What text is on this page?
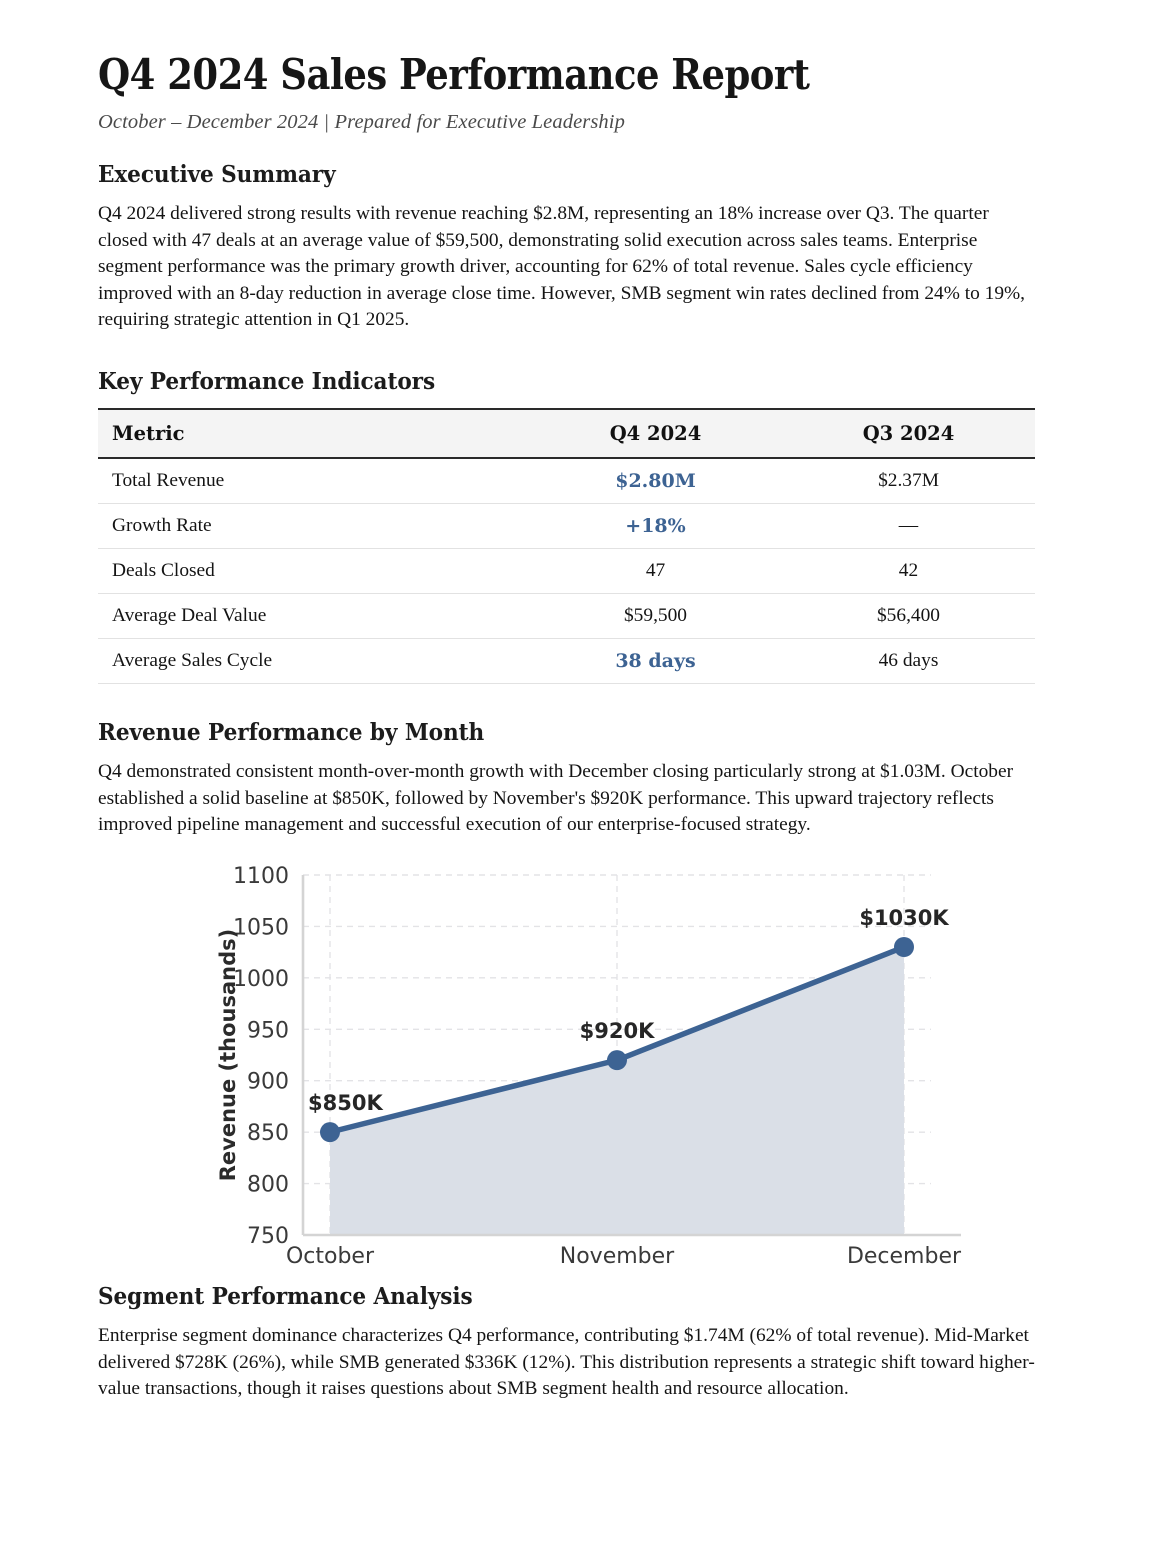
Q4 2024 Sales Performance Report
October – December 2024 | Prepared for Executive Leadership
Executive Summary

Q4 2024 delivered strong results with revenue reaching $2.8M, representing an 18% increase over Q3. The quarter closed with 47 deals at an average value of $59,500, demonstrating solid execution across sales teams. Enterprise segment performance was the primary growth driver, accounting for 62% of total revenue. Sales cycle efficiency improved with an 8-day reduction in average close time. However, SMB segment win rates declined from 24% to 19%, requiring strategic attention in Q1 2025.

Key Performance Indicators
Metric	Q4 2024	Q3 2024
Total Revenue	$2.80M	$2.37M
Growth Rate	+18%	—
Deals Closed	47	42
Average Deal Value	$59,500	$56,400
Average Sales Cycle	38 days	46 days
Revenue Performance by Month

Q4 demonstrated consistent month-over-month growth with December closing particularly strong at $1.03M. October established a solid baseline at $850K, followed by November's $920K performance. This upward trajectory reflects improved pipeline management and successful execution of our enterprise-focused strategy.

750
800
850
900
950
1000
1050
1100
$850K
$920K
$1030K
October	November	December
Revenue (thousands)
Segment Performance Analysis

Enterprise segment dominance characterizes Q4 performance, contributing $1.74M (62% of total revenue). Mid-Market delivered $728K (26%), while SMB generated $336K (12%). This distribution represents a strategic shift toward higher-value transactions, though it raises questions about SMB segment health and resource allocation.
